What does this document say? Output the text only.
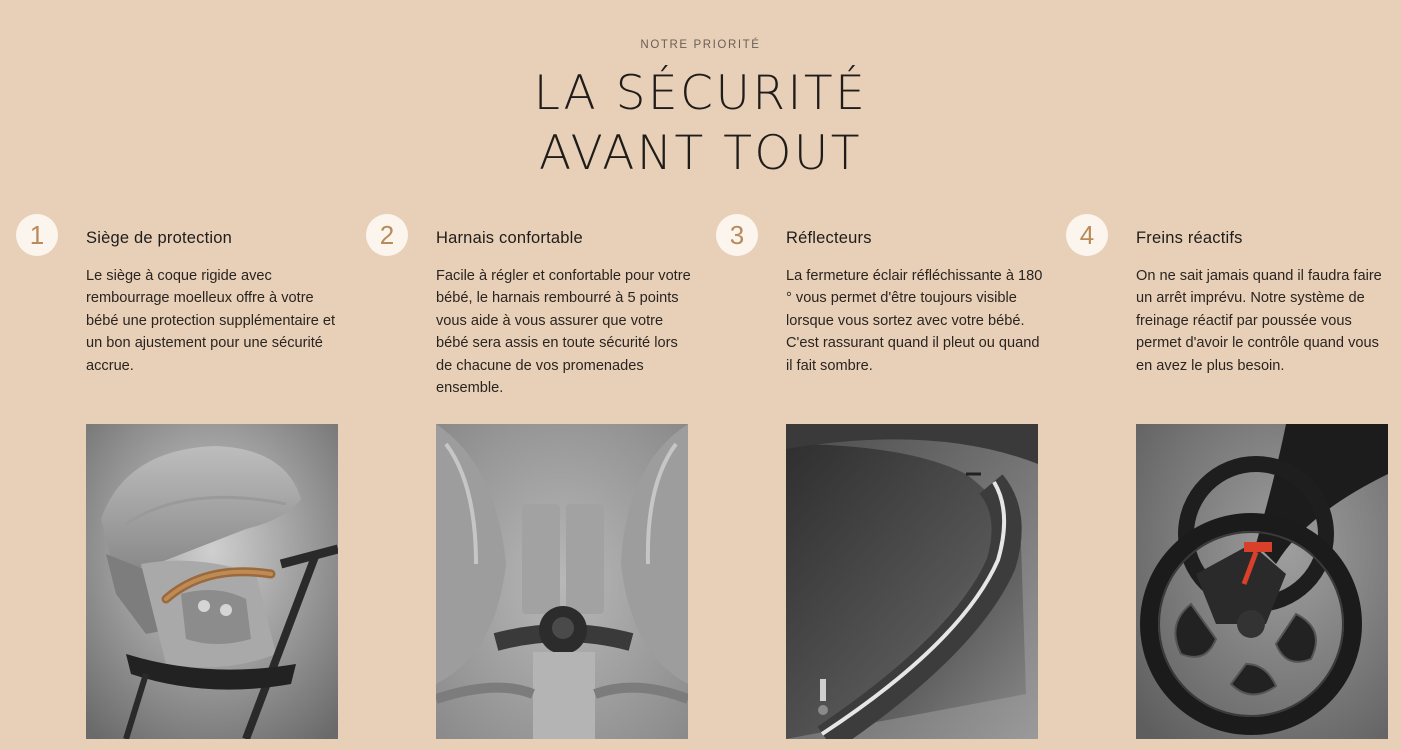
NOTRE PRIORITÉ
LA SÉCURITÉ
AVANT TOUT
1	Siège de protection
Le siège à coque rigide avec rembourrage moelleux offre à votre bébé une protection supplémentaire et un bon ajustement pour une sécurité accrue.
2	Harnais confortable
Facile à régler et confortable pour votre bébé, le harnais rembourré à 5 points vous aide à vous assurer que votre bébé sera assis en toute sécurité lors de chacune de vos promenades ensemble.
3	Réflecteurs
La fermeture éclair réfléchissante à 180 ° vous permet d'être toujours visible lorsque vous sortez avec votre bébé. C'est rassurant quand il pleut ou quand il fait sombre.
4	Freins réactifs
On ne sait jamais quand il faudra faire un arrêt imprévu. Notre système de freinage réactif par poussée vous permet d'avoir le contrôle quand vous en avez le plus besoin.
